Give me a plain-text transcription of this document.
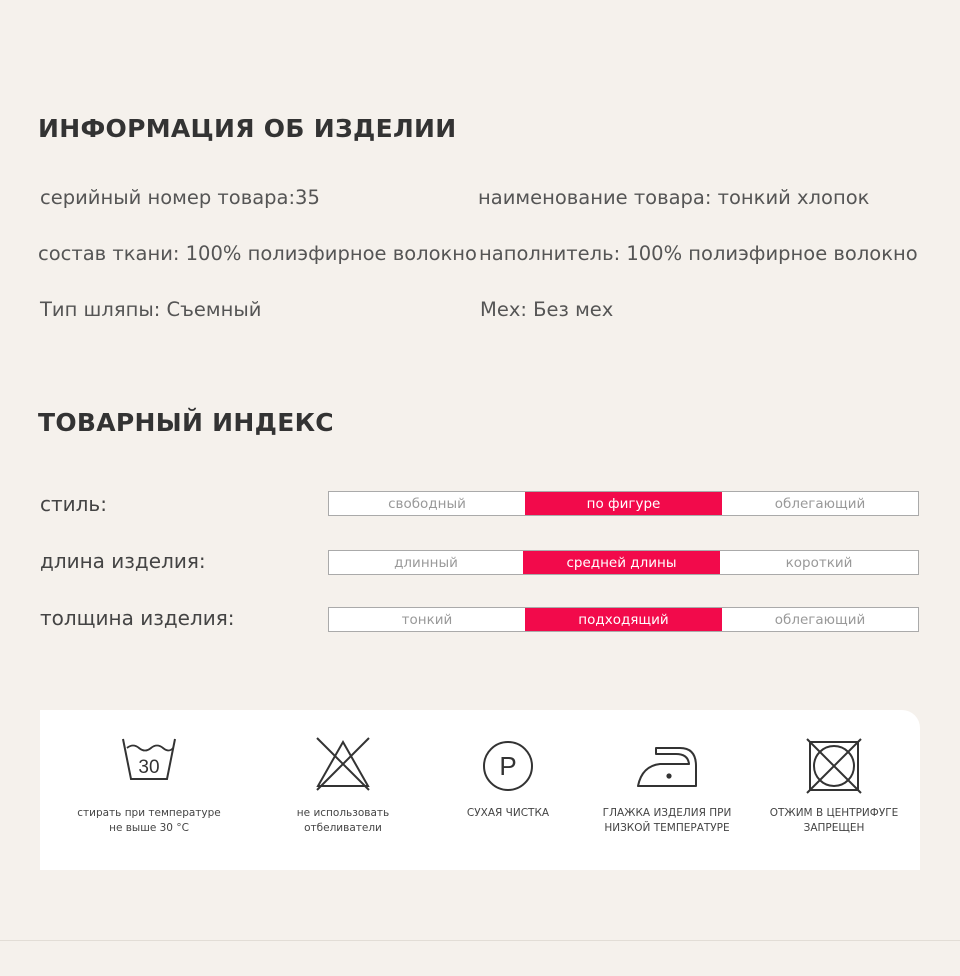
ИНФОРМАЦИЯ ОБ ИЗДЕЛИИ
серийный номер товара:35	наименование товара: тонкий хлопок
состав ткани: 100% полиэфирное волокно наполнитель: 100% полиэфирное волокно
Тип шляпы: Съемный	Мех: Без мех
ТОВАРНЫЙ ИНДЕКС
стиль:	свободный	по фигуре	облегающий
длина изделия:	длинный	средней длины	короткий
толщина изделия:	тонкий	подходящий	облегающий
30
стирать при температуре
не выше 30 °С
не использовать
отбеливатели
P
СУХАЯ ЧИСТКА	ГЛАЖКА ИЗДЕЛИЯ ПРИ
НИЗКОЙ ТЕМПЕРАТУРЕ
ОТЖИМ В ЦЕНТРИФУГЕ
ЗАПРЕЩЕН
